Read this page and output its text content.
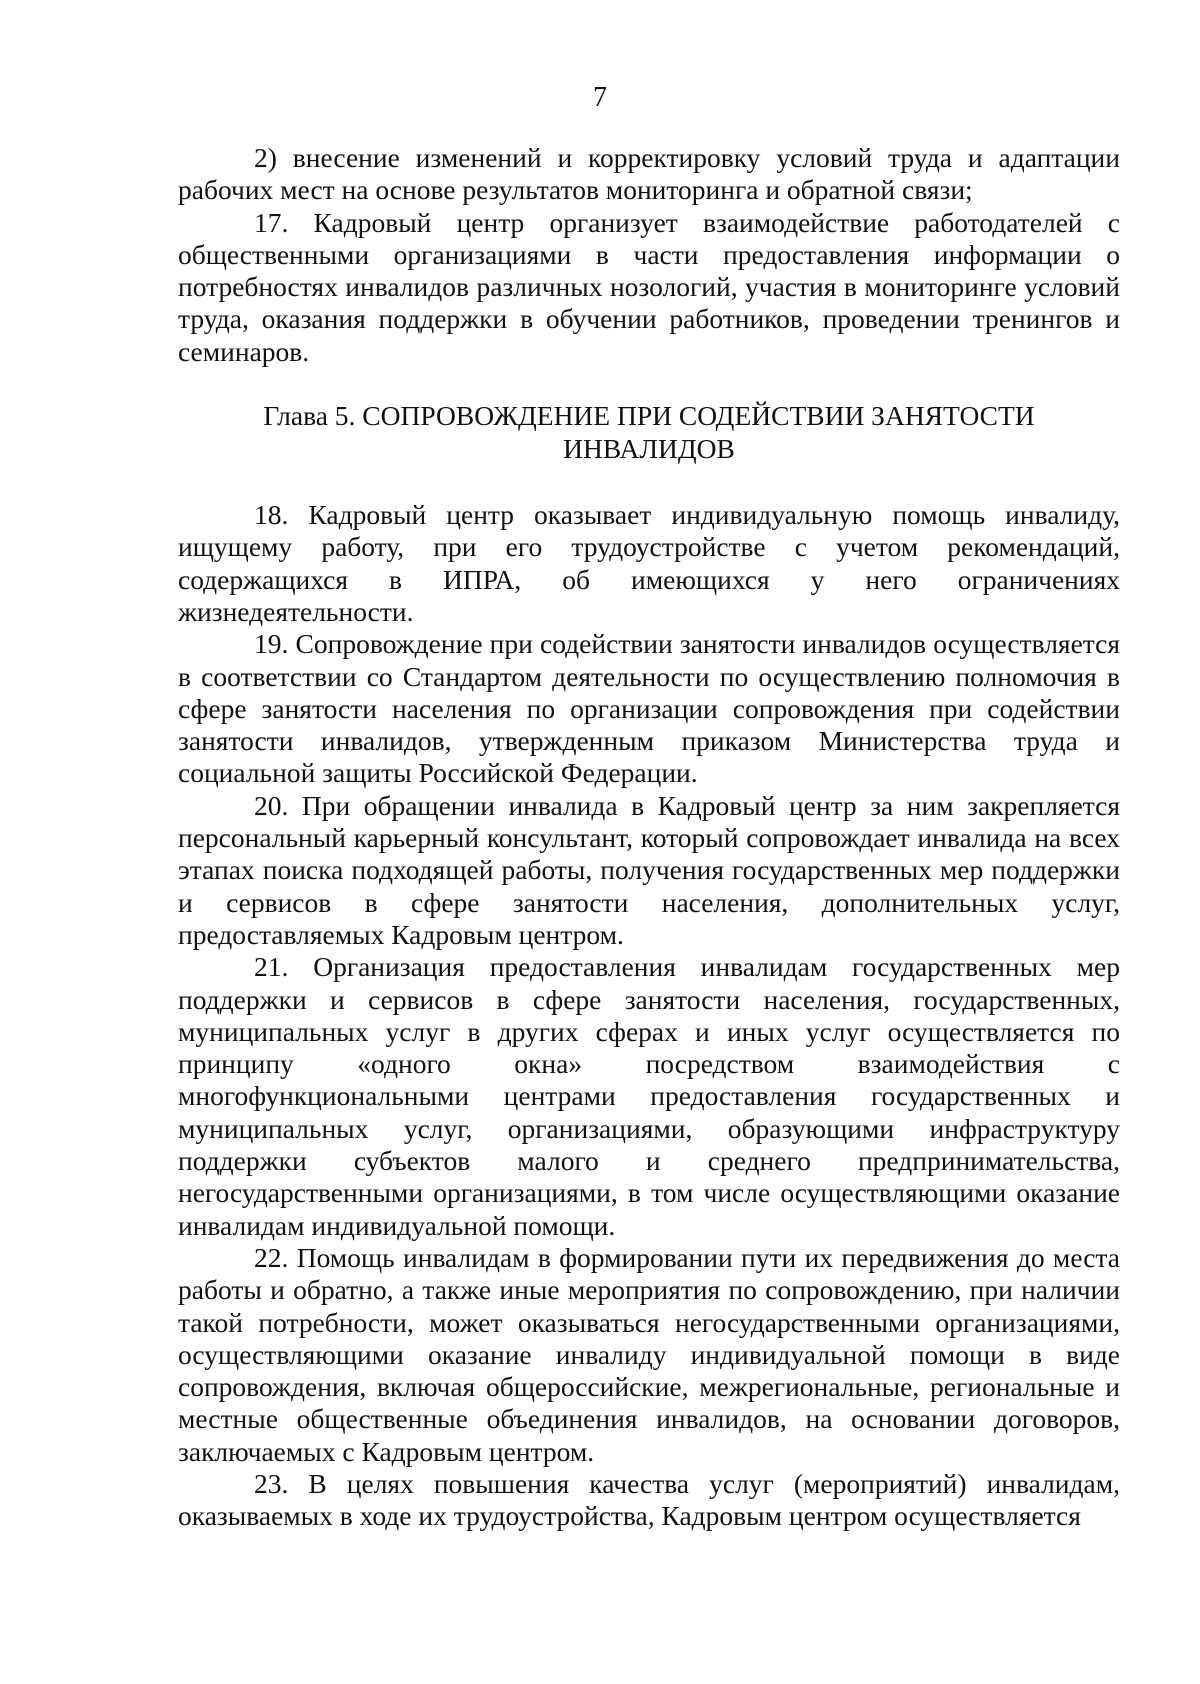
7

2) внесение изменений и корректировку условий труда и адаптации рабочих мест на основе результатов мониторинга и обратной связи;

17. Кадровый центр организует взаимодействие работодателей с общественными организациями в части предоставления информации о потребностях инвалидов различных нозологий, участия в мониторинге условий труда, оказания поддержки в обучении работников, проведении тренингов и семинаров.

Глава 5. СОПРОВОЖДЕНИЕ ПРИ СОДЕЙСТВИИ ЗАНЯТОСТИ ИНВАЛИДОВ

18. Кадровый центр оказывает индивидуальную помощь инвалиду, ищущему работу, при его трудоустройстве с учетом рекомендаций, содержащихся в ИПРА, об имеющихся у него ограничениях жизнедеятельности.

19. Сопровождение при содействии занятости инвалидов осуществляется в соответствии со Стандартом деятельности по осуществлению полномочия в сфере занятости населения по организации сопровождения при содействии занятости инвалидов, утвержденным приказом Министерства труда и социальной защиты Российской Федерации.

20. При обращении инвалида в Кадровый центр за ним закрепляется персональный карьерный консультант, который сопровождает инвалида на всех этапах поиска подходящей работы, получения государственных мер поддержки и сервисов в сфере занятости населения, дополнительных услуг, предоставляемых Кадровым центром.

21. Организация предоставления инвалидам государственных мер поддержки и сервисов в сфере занятости населения, государственных, муниципальных услуг в других сферах и иных услуг осуществляется по принципу «одного окна» посредством взаимодействия с многофункциональными центрами предоставления государственных и муниципальных услуг, организациями, образующими инфраструктуру поддержки субъектов малого и среднего предпринимательства, негосударственными организациями, в том числе осуществляющими оказание инвалидам индивидуальной помощи.

22. Помощь инвалидам в формировании пути их передвижения до места работы и обратно, а также иные мероприятия по сопровождению, при наличии такой потребности, может оказываться негосударственными организациями, осуществляющими оказание инвалиду индивидуальной помощи в виде сопровождения, включая общероссийские, межрегиональные, региональные и местные общественные объединения инвалидов, на основании договоров, заключаемых с Кадровым центром.

23. В целях повышения качества услуг (мероприятий) инвалидам, оказываемых в ходе их трудоустройства, Кадровым центром осуществляется
